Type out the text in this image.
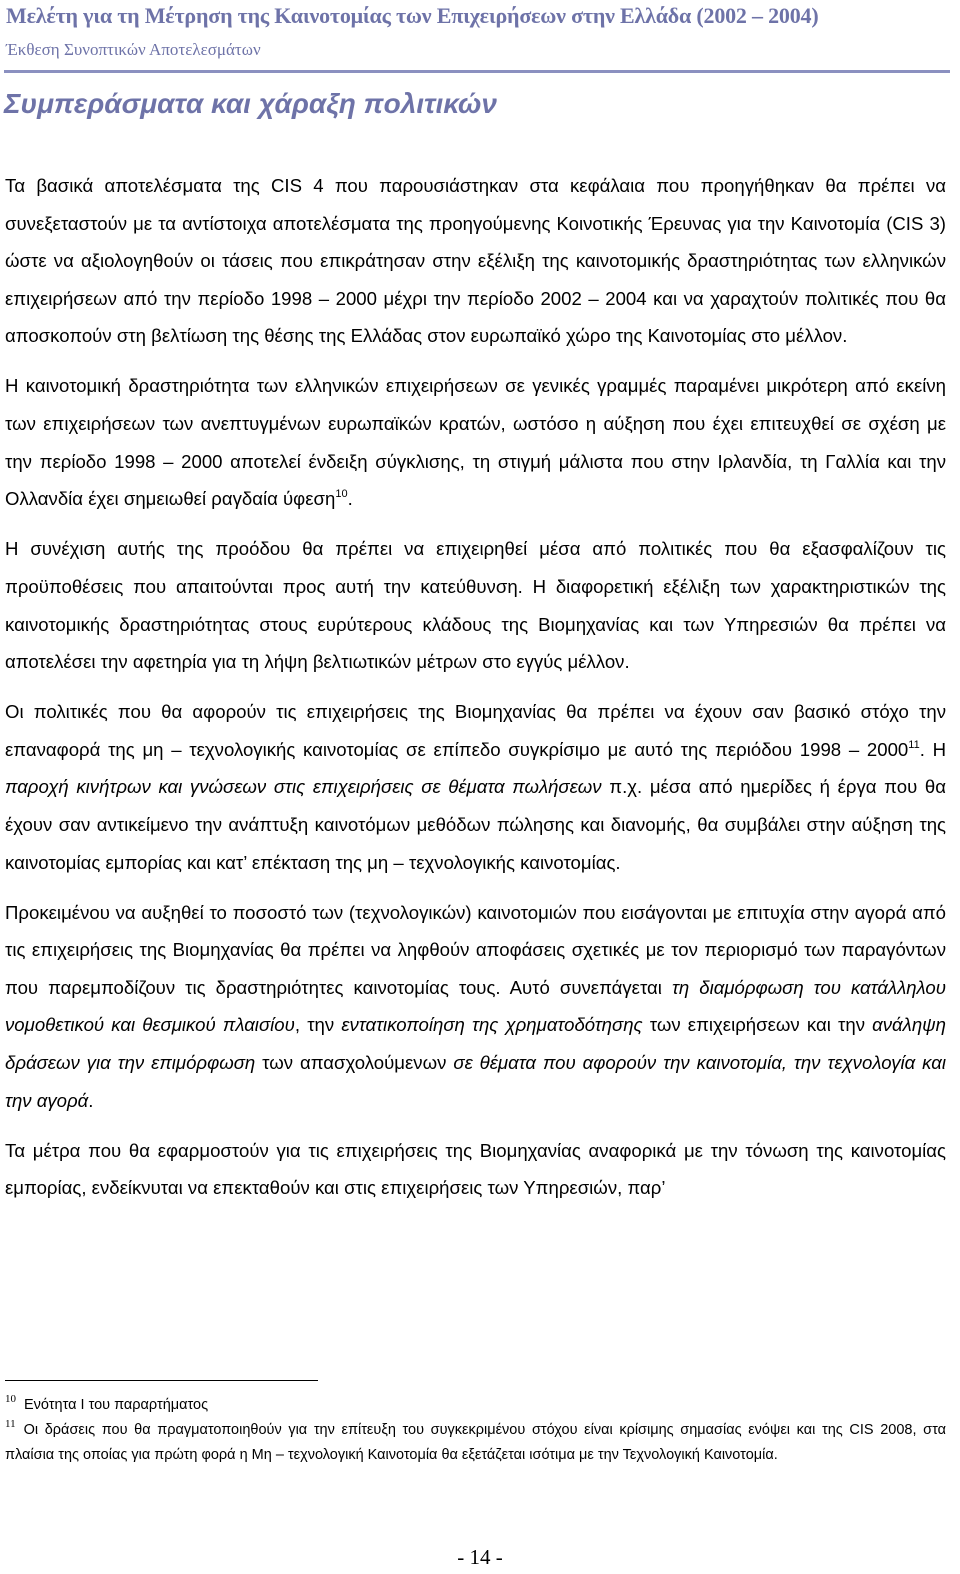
Μελέτη για τη Μέτρηση της Καινοτομίας των Επιχειρήσεων στην Ελλάδα (2002 – 2004)
Έκθεση Συνοπτικών Αποτελεσμάτων
Συμπεράσματα και χάραξη πολιτικών

Τα βασικά αποτελέσματα της CIS 4 που παρουσιάστηκαν στα κεφάλαια που προηγήθηκαν θα πρέπει να συνεξεταστούν με τα αντίστοιχα αποτελέσματα της προηγούμενης Κοινοτικής Έρευνας για την Καινοτομία (CIS 3) ώστε να αξιολογηθούν οι τάσεις που επικράτησαν στην εξέλιξη της καινοτομικής δραστηριότητας των ελληνικών επιχειρήσεων από την περίοδο 1998 – 2000 μέχρι την περίοδο 2002 – 2004 και να χαραχτούν πολιτικές που θα αποσκοπούν στη βελτίωση της θέσης της Ελλάδας στον ευρωπαϊκό χώρο της Καινοτομίας στο μέλλον.

Η καινοτομική δραστηριότητα των ελληνικών επιχειρήσεων σε γενικές γραμμές παραμένει μικρότερη από εκείνη των επιχειρήσεων των ανεπτυγμένων ευρωπαϊκών κρατών, ωστόσο η αύξηση που έχει επιτευχθεί σε σχέση με την περίοδο 1998 – 2000 αποτελεί ένδειξη σύγκλισης, τη στιγμή μάλιστα που στην Ιρλανδία, τη Γαλλία και την Ολλανδία έχει σημειωθεί ραγδαία ύφεση$^{10}$.

Η συνέχιση αυτής της προόδου θα πρέπει να επιχειρηθεί μέσα από πολιτικές που θα εξασφαλίζουν τις προϋποθέσεις που απαιτούνται προς αυτή την κατεύθυνση. Η διαφορετική εξέλιξη των χαρακτηριστικών της καινοτομικής δραστηριότητας στους ευρύτερους κλάδους της Βιομηχανίας και των Υπηρεσιών θα πρέπει να αποτελέσει την αφετηρία για τη λήψη βελτιωτικών μέτρων στο εγγύς μέλλον.

Οι πολιτικές που θα αφορούν τις επιχειρήσεις της Βιομηχανίας θα πρέπει να έχουν σαν βασικό στόχο την επαναφορά της μη – τεχνολογικής καινοτομίας σε επίπεδο συγκρίσιμο με αυτό της περιόδου 1998 – 2000$^{11}$. Η παροχή κινήτρων και γνώσεων στις επιχειρήσεις σε θέματα πωλήσεων π.χ. μέσα από ημερίδες ή έργα που θα έχουν σαν αντικείμενο την ανάπτυξη καινοτόμων μεθόδων πώλησης και διανομής, θα συμβάλει στην αύξηση της καινοτομίας εμπορίας και κατ’ επέκταση της μη – τεχνολογικής καινοτομίας.

Προκειμένου να αυξηθεί το ποσοστό των (τεχνολογικών) καινοτομιών που εισάγονται με επιτυχία στην αγορά από τις επιχειρήσεις της Βιομηχανίας θα πρέπει να ληφθούν αποφάσεις σχετικές με τον περιορισμό των παραγόντων που παρεμποδίζουν τις δραστηριότητες καινοτομίας τους. Αυτό συνεπάγεται τη διαμόρφωση του κατάλληλου νομοθετικού και θεσμικού πλαισίου, την εντατικοποίηση της χρηματοδότησης των επιχειρήσεων και την ανάληψη δράσεων για την επιμόρφωση των απασχολούμενων σε θέματα που αφορούν την καινοτομία, την τεχνολογία και την αγορά.

Τα μέτρα που θα εφαρμοστούν για τις επιχειρήσεις της Βιομηχανίας αναφορικά με την τόνωση της καινοτομίας εμπορίας, ενδείκνυται να επεκταθούν και στις επιχειρήσεις των Υπηρεσιών, παρ’

$^{10}$ Ενότητα Ι του παραρτήματος

$^{11}$ Οι δράσεις που θα πραγματοποιηθούν για την επίτευξη του συγκεκριμένου στόχου είναι κρίσιμης σημασίας ενόψει και της CIS 2008, στα πλαίσια της οποίας για πρώτη φορά η Μη – τεχνολογική Καινοτομία θα εξετάζεται ισότιμα με την Τεχνολογική Καινοτομία.

- 14 -
